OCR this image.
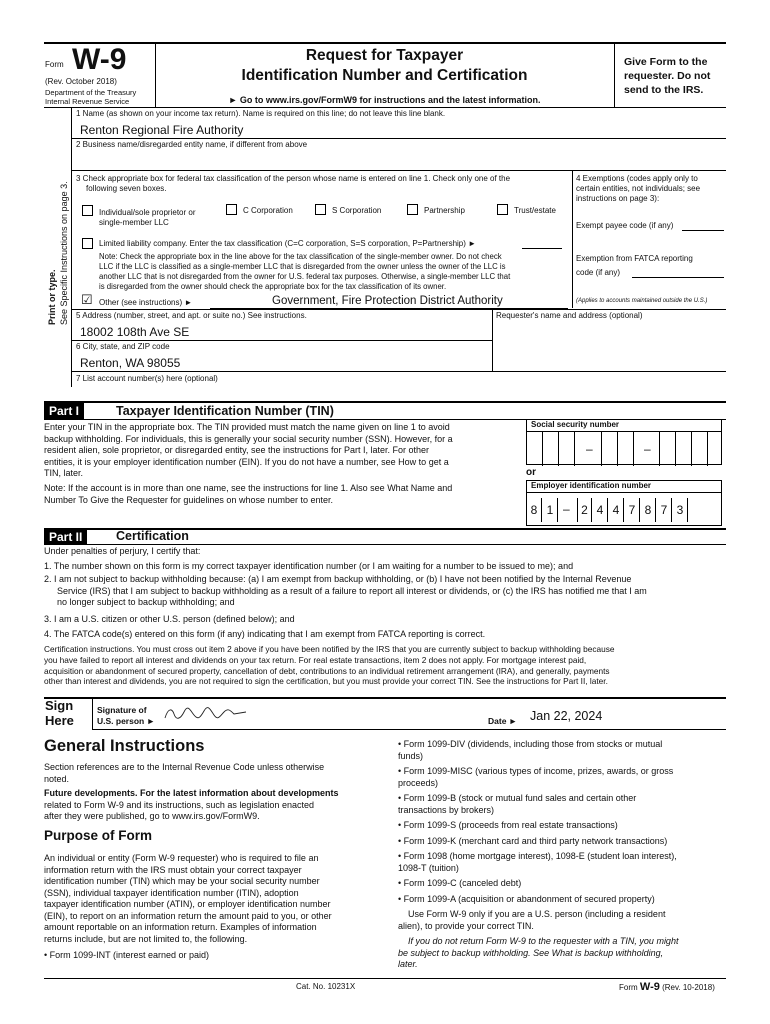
Form W-9
(Rev. October 2018)
Department of the Treasury
Internal Revenue Service
Request for Taxpayer
Identification Number and Certification
► Go to www.irs.gov/FormW9 for instructions and the latest information.
Give Form to the
requester. Do not
send to the IRS.
Print or type. See Specific Instructions on page 3.
1 Name (as shown on your income tax return). Name is required on this line; do not leave this line blank.
Renton Regional Fire Authority
2 Business name/disregarded entity name, if different from above
3 Check appropriate box for federal tax classification of the person whose name is entered on line 1. Check only one of the
following seven boxes.
Individual/sole proprietor or
single-member LLC
C Corporation	S Corporation	Partnership	Trust/estate
Limited liability company. Enter the tax classification (C=C corporation, S=S corporation, P=Partnership) ►
Note: Check the appropriate box in the line above for the tax classification of the single-member owner. Do not check
LLC if the LLC is classified as a single-member LLC that is disregarded from the owner unless the owner of the LLC is
another LLC that is not disregarded from the owner for U.S. federal tax purposes. Otherwise, a single-member LLC that
is disregarded from the owner should check the appropriate box for the tax classification of its owner.
☑ Other (see instructions) ►	Government, Fire Protection District Authority
4 Exemptions (codes apply only to
certain entities, not individuals; see
instructions on page 3):
Exempt payee code (if any)
Exemption from FATCA reporting
code (if any)
(Applies to accounts maintained outside the U.S.)
5 Address (number, street, and apt. or suite no.) See instructions.
18002 108th Ave SE
Requester's name and address (optional)
6 City, state, and ZIP code
Renton, WA 98055
7 List account number(s) here (optional)
Part I	Taxpayer Identification Number (TIN)
Enter your TIN in the appropriate box. The TIN provided must match the name given on line 1 to avoid
backup withholding. For individuals, this is generally your social security number (SSN). However, for a
resident alien, sole proprietor, or disregarded entity, see the instructions for Part I, later. For other
entities, it is your employer identification number (EIN). If you do not have a number, see How to get a
TIN, later.
Note: If the account is in more than one name, see the instructions for line 1. Also see What Name and
Number To Give the Requester for guidelines on whose number to enter.
Social security number
–	–
or
Employer identification number
8 1 – 2 4 4 7 8 7 3
Part II	Certification
Under penalties of perjury, I certify that:
1. The number shown on this form is my correct taxpayer identification number (or I am waiting for a number to be issued to me); and
2. I am not subject to backup withholding because: (a) I am exempt from backup withholding, or (b) I have not been notified by the Internal Revenue
Service (IRS) that I am subject to backup withholding as a result of a failure to report all interest or dividends, or (c) the IRS has notified me that I am
no longer subject to backup withholding; and
3. I am a U.S. citizen or other U.S. person (defined below); and
4. The FATCA code(s) entered on this form (if any) indicating that I am exempt from FATCA reporting is correct.
Certification instructions. You must cross out item 2 above if you have been notified by the IRS that you are currently subject to backup withholding because
you have failed to report all interest and dividends on your tax return. For real estate transactions, item 2 does not apply. For mortgage interest paid,
acquisition or abandonment of secured property, cancellation of debt, contributions to an individual retirement arrangement (IRA), and generally, payments
other than interest and dividends, you are not required to sign the certification, but you must provide your correct TIN. See the instructions for Part II, later.
Sign
Here
Signature of
U.S. person ►	Date ► Jan 22, 2024
General Instructions
Section references are to the Internal Revenue Code unless otherwise
noted.
Future developments. For the latest information about developments
related to Form W-9 and its instructions, such as legislation enacted
after they were published, go to www.irs.gov/FormW9.
Purpose of Form
An individual or entity (Form W-9 requester) who is required to file an
information return with the IRS must obtain your correct taxpayer
identification number (TIN) which may be your social security number
(SSN), individual taxpayer identification number (ITIN), adoption
taxpayer identification number (ATIN), or employer identification number
(EIN), to report on an information return the amount paid to you, or other
amount reportable on an information return. Examples of information
returns include, but are not limited to, the following.
• Form 1099-INT (interest earned or paid)
• Form 1099-DIV (dividends, including those from stocks or mutual
funds)
• Form 1099-MISC (various types of income, prizes, awards, or gross
proceeds)
• Form 1099-B (stock or mutual fund sales and certain other
transactions by brokers)
• Form 1099-S (proceeds from real estate transactions)
• Form 1099-K (merchant card and third party network transactions)
• Form 1098 (home mortgage interest), 1098-E (student loan interest),
1098-T (tuition)
• Form 1099-C (canceled debt)
• Form 1099-A (acquisition or abandonment of secured property)
Use Form W-9 only if you are a U.S. person (including a resident
alien), to provide your correct TIN.
If you do not return Form W-9 to the requester with a TIN, you might
be subject to backup withholding. See What is backup withholding,
later.
Cat. No. 10231X	Form W-9 (Rev. 10-2018)
